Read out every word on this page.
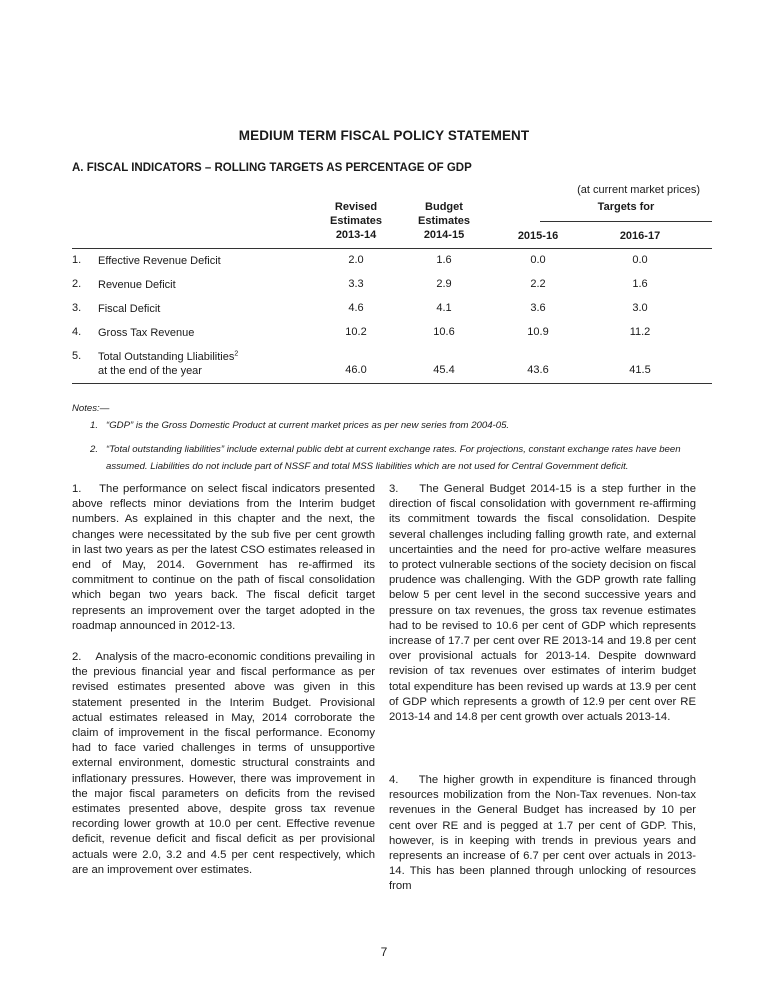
MEDIUM TERM FISCAL POLICY STATEMENT
A. FISCAL INDICATORS – ROLLING TARGETS AS PERCENTAGE OF GDP
(at current market prices)
Revised
Estimates
2013-14
Budget
Estimates
2014-15
Targets for
2015-16	2016-17
1.	Effective Revenue Deficit	2.0	1.6	0.0	0.0
2.	Revenue Deficit	3.3	2.9	2.2	1.6
3.	Fiscal Deficit	4.6	4.1	3.6	3.0
4.	Gross Tax Revenue	10.2	10.6	10.9	11.2
5.	Total Outstanding Lliabilities$^2$
at the end of the year	46.0	45.4	43.6	41.5
Notes:—
1. “GDP” is the Gross Domestic Product at current market prices as per new series from 2004-05.
2. “Total outstanding liabilities” include external public debt at current exchange rates. For projections, constant exchange rates have been assumed. Liabilities do not include part of NSSF and total MSS liabilities which are not used for Central Government deficit.
1.    The performance on select fiscal indicators presented above reflects minor deviations from the Interim budget numbers. As explained in this chapter and the next, the changes were necessitated by the sub five per cent growth in last two years as per the latest CSO estimates released in end of May, 2014. Government has re-affirmed its commitment to continue on the path of fiscal consolidation which began two years back. The fiscal deficit target represents an improvement over the target adopted in the roadmap announced in 2012-13.
2.    Analysis of the macro-economic conditions prevailing in the previous financial year and fiscal performance as per revised estimates presented above was given in this statement presented in the Interim Budget. Provisional actual estimates released in May, 2014 corroborate the claim of improvement in the fiscal performance. Economy had to face varied challenges in terms of unsupportive external environment, domestic structural constraints and inflationary pressures. However, there was improvement in the major fiscal parameters on deficits from the revised estimates presented above, despite gross tax revenue recording lower growth at 10.0 per cent. Effective revenue deficit, revenue deficit and fiscal deficit as per provisional actuals were 2.0, 3.2 and 4.5 per cent respectively, which are an improvement over estimates.
3.    The General Budget 2014-15 is a step further in the direction of fiscal consolidation with government re-affirming its commitment towards the fiscal consolidation. Despite several challenges including falling growth rate, and external uncertainties and the need for pro-active welfare measures to protect vulnerable sections of the society decision on fiscal prudence was challenging. With the GDP growth rate falling below 5 per cent level in the second successive years and pressure on tax revenues, the gross tax revenue estimates had to be revised to 10.6 per cent of GDP which represents increase of 17.7 per cent over RE 2013-14 and 19.8 per cent over provisional actuals for 2013-14. Despite downward revision of tax revenues over estimates of interim budget total expenditure has been revised up wards at 13.9 per cent of GDP which represents a growth of 12.9 per cent over RE 2013-14 and 14.8 per cent growth over actuals 2013-14.
4.    The higher growth in expenditure is financed through resources mobilization from the Non-Tax revenues. Non-tax revenues in the General Budget has increased by 10 per cent over RE and is pegged at 1.7 per cent of GDP. This, however, is in keeping with trends in previous years and represents an increase of 6.7 per cent over actuals in 2013-14. This has been planned through unlocking of resources from
7
